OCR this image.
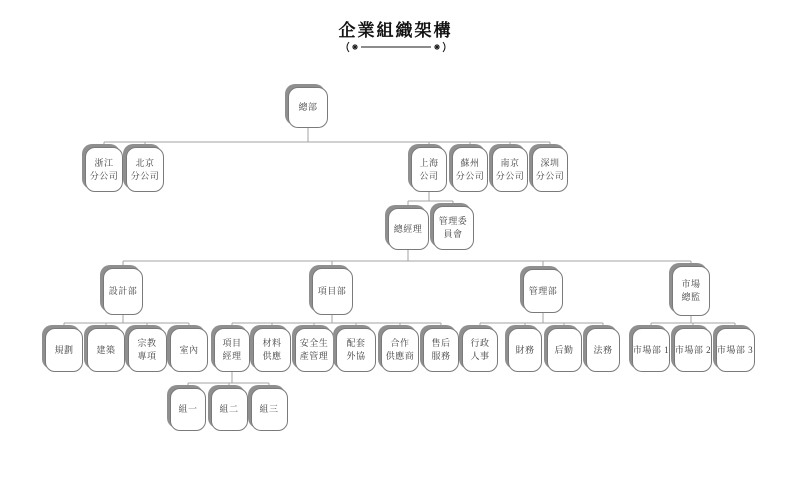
企業組織架構
總部
浙江
分公司
北京
分公司
上海
公司
蘇州
分公司
南京
分公司
深圳
分公司
總經理
管理委
員會
設計部	項目部	管理部
市場
總監
規劃	建築
宗教
專項
室內
項目
經理
材料
供應
安全生
產管理
配套
外協
合作
供應商
售后
服務
行政
人事
財務 后勤 法務 市場部 1 市場部 2 市場部 3
組一 組二 組三
